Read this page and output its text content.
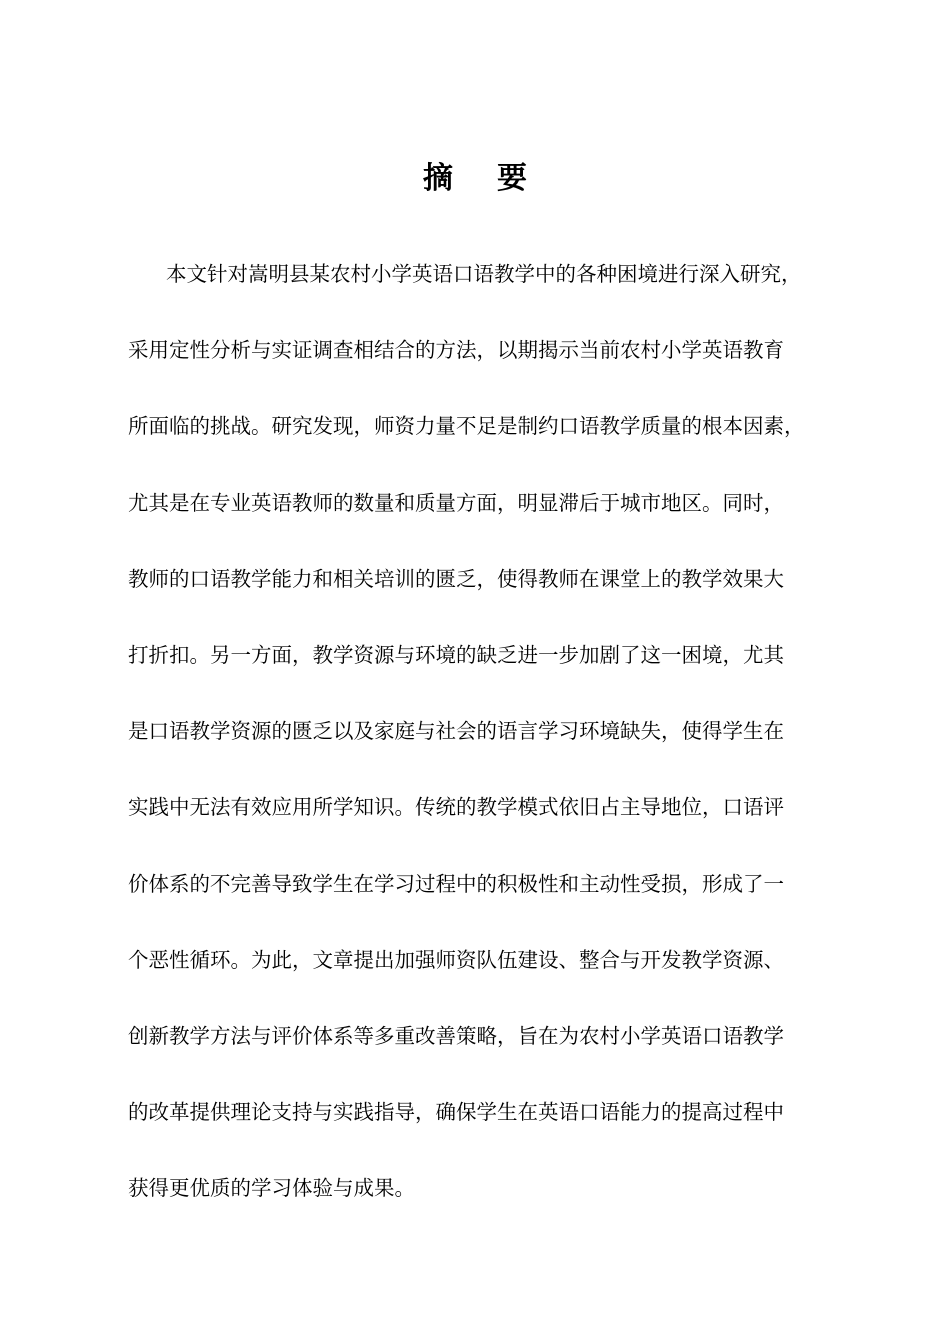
摘要
本文针对嵩明县某农村小学英语口语教学中的各种困境进行深入研究，
采用定性分析与实证调查相结合的方法，以期揭示当前农村小学英语教育
所面临的挑战。研究发现，师资力量不足是制约口语教学质量的根本因素，
尤其是在专业英语教师的数量和质量方面，明显滞后于城市地区。同时，
教师的口语教学能力和相关培训的匮乏，使得教师在课堂上的教学效果大
打折扣。另一方面，教学资源与环境的缺乏进一步加剧了这一困境，尤其
是口语教学资源的匮乏以及家庭与社会的语言学习环境缺失，使得学生在
实践中无法有效应用所学知识。传统的教学模式依旧占主导地位，口语评
价体系的不完善导致学生在学习过程中的积极性和主动性受损，形成了一
个恶性循环。为此，文章提出加强师资队伍建设、整合与开发教学资源、
创新教学方法与评价体系等多重改善策略，旨在为农村小学英语口语教学
的改革提供理论支持与实践指导，确保学生在英语口语能力的提高过程中
获得更优质的学习体验与成果。
